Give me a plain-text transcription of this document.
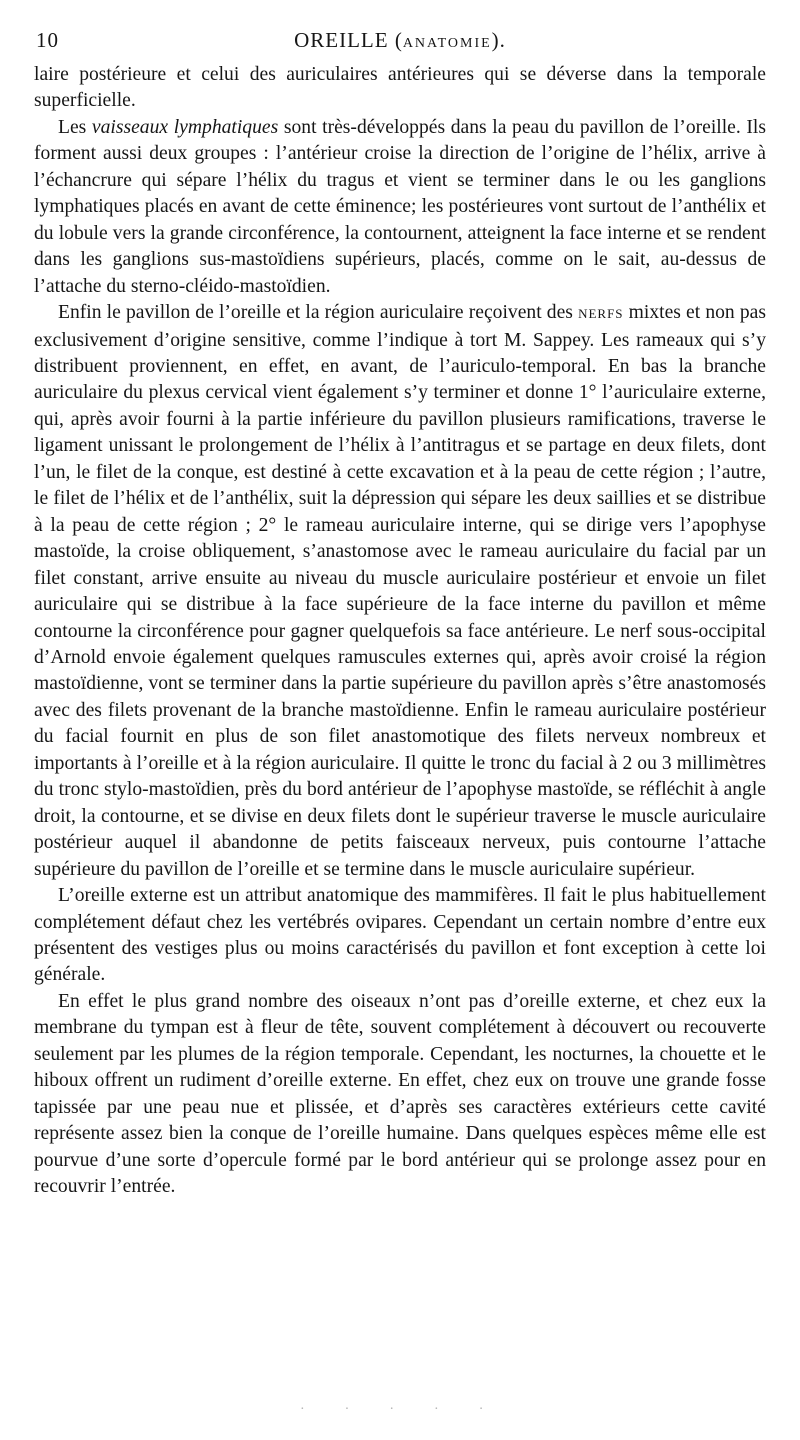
10	OREILLE (ANATOMIE).

laire postérieure et celui des auriculaires antérieures qui se déverse dans la temporale superficielle.

Les vaisseaux lymphatiques sont très-développés dans la peau du pavillon de l’oreille. Ils forment aussi deux groupes : l’antérieur croise la direction de l’origine de l’hélix, arrive à l’échancrure qui sépare l’hélix du tragus et vient se terminer dans le ou les ganglions lymphatiques placés en avant de cette éminence; les postérieures vont surtout de l’anthélix et du lobule vers la grande circonférence, la contournent, atteignent la face interne et se rendent dans les ganglions sus-mastoïdiens supérieurs, placés, comme on le sait, au-dessus de l’attache du sterno-cléido-mastoïdien.

Enfin le pavillon de l’oreille et la région auriculaire reçoivent des NERFS mixtes et non pas exclusivement d’origine sensitive, comme l’indique à tort M. Sappey. Les rameaux qui s’y distribuent proviennent, en effet, en avant, de l’auriculo-temporal. En bas la branche auriculaire du plexus cervical vient également s’y terminer et donne 1° l’auriculaire externe, qui, après avoir fourni à la partie inférieure du pavillon plusieurs ramifications, traverse le ligament unissant le prolongement de l’hélix à l’antitragus et se partage en deux filets, dont l’un, le filet de la conque, est destiné à cette excavation et à la peau de cette région ; l’autre, le filet de l’hélix et de l’anthélix, suit la dépression qui sépare les deux saillies et se distribue à la peau de cette région ; 2° le rameau auriculaire interne, qui se dirige vers l’apophyse mastoïde, la croise obliquement, s’anastomose avec le rameau auriculaire du facial par un filet constant, arrive ensuite au niveau du muscle auriculaire postérieur et envoie un filet auriculaire qui se distribue à la face supérieure de la face interne du pavillon et même contourne la circonférence pour gagner quelquefois sa face antérieure. Le nerf sous-occipital d’Arnold envoie également quelques ramuscules externes qui, après avoir croisé la région mastoïdienne, vont se terminer dans la partie supérieure du pavillon après s’être anastomosés avec des filets provenant de la branche mastoïdienne. Enfin le rameau auriculaire postérieur du facial fournit en plus de son filet anastomotique des filets nerveux nombreux et importants à l’oreille et à la région auriculaire. Il quitte le tronc du facial à 2 ou 3 millimètres du tronc stylo-mastoïdien, près du bord antérieur de l’apophyse mastoïde, se réfléchit à angle droit, la contourne, et se divise en deux filets dont le supérieur traverse le muscle auriculaire postérieur auquel il abandonne de petits faisceaux nerveux, puis contourne l’attache supérieure du pavillon de l’oreille et se termine dans le muscle auriculaire supérieur.

L’oreille externe est un attribut anatomique des mammifères. Il fait le plus habituellement complétement défaut chez les vertébrés ovipares. Cependant un certain nombre d’entre eux présentent des vestiges plus ou moins caractérisés du pavillon et font exception à cette loi générale.

En effet le plus grand nombre des oiseaux n’ont pas d’oreille externe, et chez eux la membrane du tympan est à fleur de tête, souvent complétement à découvert ou recouverte seulement par les plumes de la région temporale. Cependant, les nocturnes, la chouette et le hiboux offrent un rudiment d’oreille externe. En effet, chez eux on trouve une grande fosse tapissée par une peau nue et plissée, et d’après ses caractères extérieurs cette cavité représente assez bien la conque de l’oreille humaine. Dans quelques espèces même elle est pourvue d’une sorte d’opercule formé par le bord antérieur qui se prolonge assez pour en recouvrir l’entrée.

·····
